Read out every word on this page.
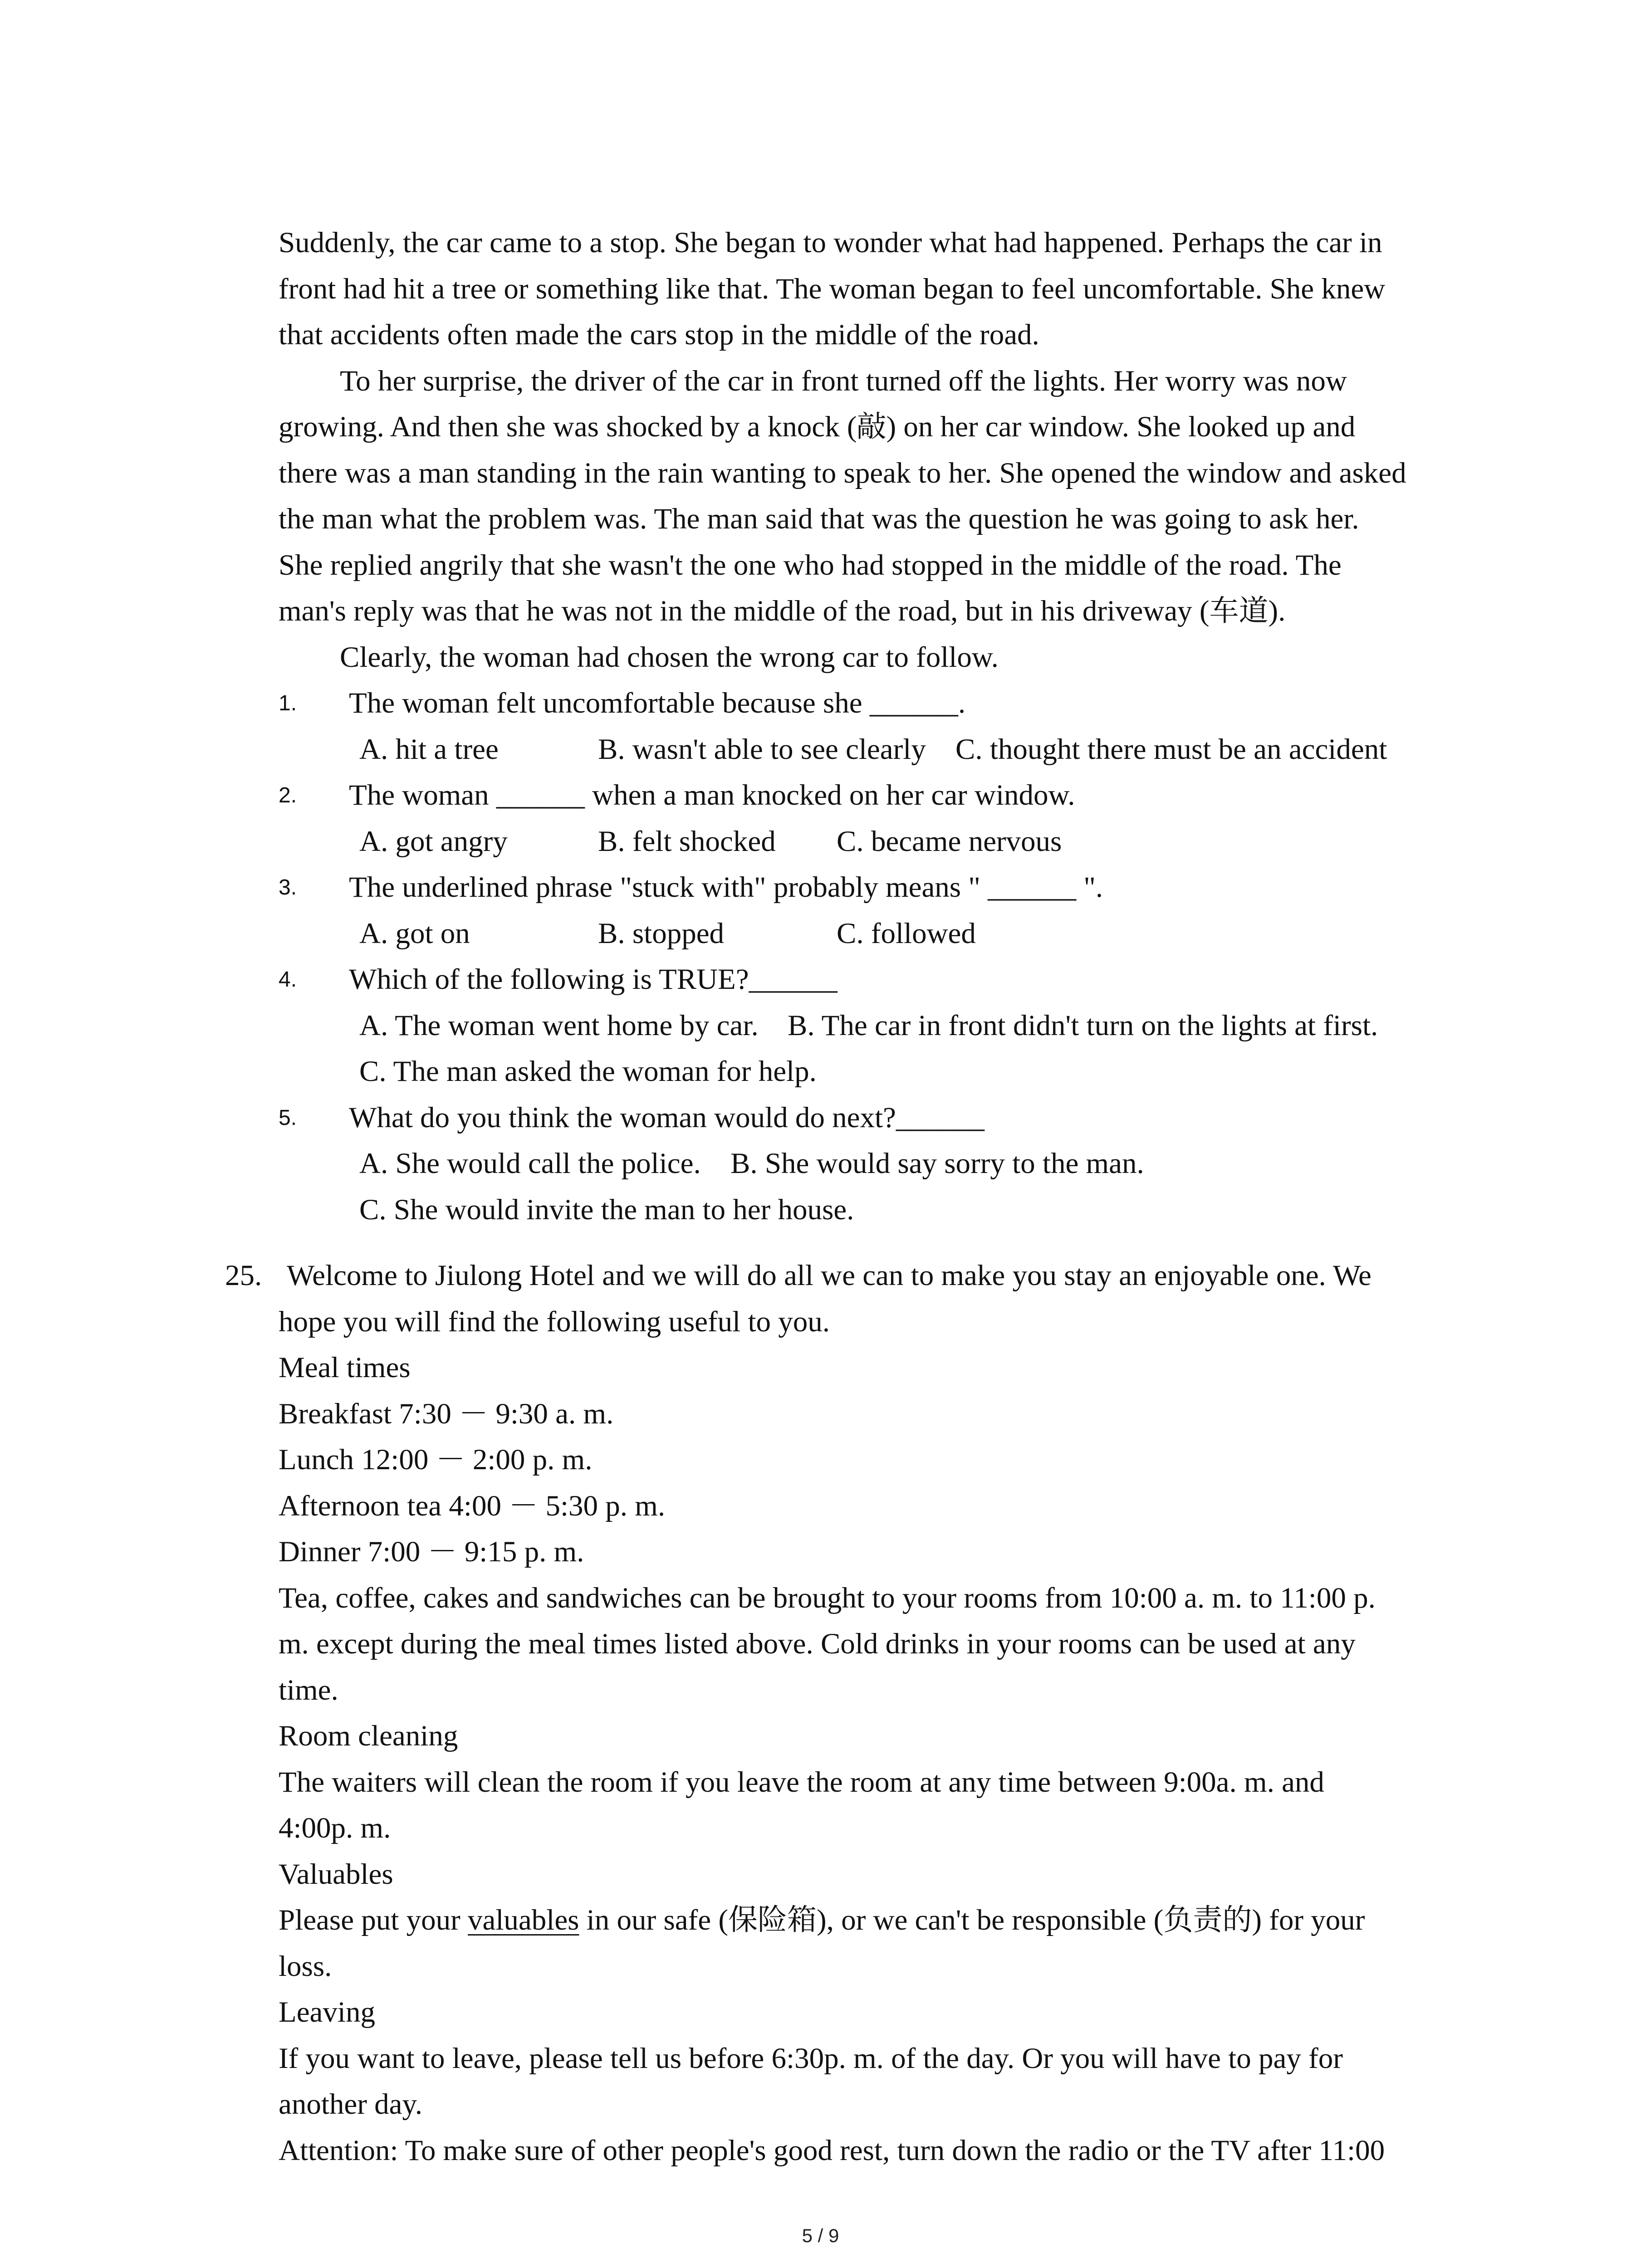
Suddenly, the car came to a stop. She began to wonder what had happened. Perhaps the car in
front had hit a tree or something like that. The woman began to feel uncomfortable. She knew
that accidents often made the cars stop in the middle of the road.
To her surprise, the driver of the car in front turned off the lights. Her worry was now
growing. And then she was shocked by a knock (敲) on her car window. She looked up and
there was a man standing in the rain wanting to speak to her. She opened the window and asked
the man what the problem was. The man said that was the question he was going to ask her.
She replied angrily that she wasn't the one who had stopped in the middle of the road. The
man's reply was that he was not in the middle of the road, but in his driveway (车道).
Clearly, the woman had chosen the wrong car to follow.
1. The woman felt uncomfortable because she ______.
A. hit a tree	B. wasn't able to see clearly C. thought there must be an accident
2. The woman ______ when a man knocked on her car window.
A. got angry	B. felt shocked C. became nervous
3. The underlined phrase "stuck with" probably means " ______ ".
A. got on	B. stopped	C. followed
4. Which of the following is TRUE?______
A. The woman went home by car. B. The car in front didn't turn on the lights at first.
C. The man asked the woman for help.
5. What do you think the woman would do next?______
A. She would call the police. B. She would say sorry to the man.
C. She would invite the man to her house.
25. Welcome to Jiulong Hotel and we will do all we can to make you stay an enjoyable one. We
hope you will find the following useful to you.
Meal times
Breakfast 7:30 － 9:30 a. m.
Lunch 12:00 － 2:00 p. m.
Afternoon tea 4:00 － 5:30 p. m.
Dinner 7:00 － 9:15 p. m.
Tea, coffee, cakes and sandwiches can be brought to your rooms from 10:00 a. m. to 11:00 p.
m. except during the meal times listed above. Cold drinks in your rooms can be used at any
time.
Room cleaning
The waiters will clean the room if you leave the room at any time between 9:00a. m. and
4:00p. m.
Valuables
Please put your valuables in our safe (保险箱), or we can't be responsible (负责的) for your
loss.
Leaving
If you want to leave, please tell us before 6:30p. m. of the day. Or you will have to pay for
another day.
Attention: To make sure of other people's good rest, turn down the radio or the TV after 11:00
5 / 9
